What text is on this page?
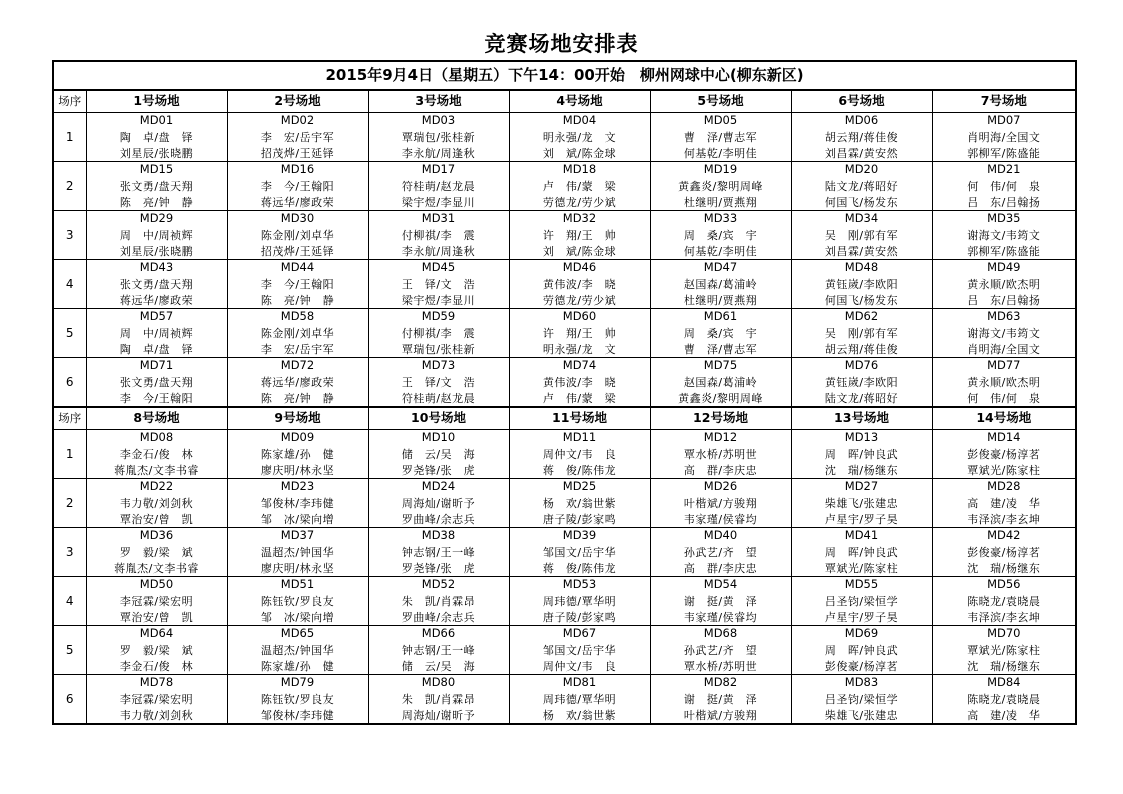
竞赛场地安排表
2015年9月4日（星期五）下午14：00开始　柳州网球中心(柳东新区)							
场序	1号场地	2号场地	3号场地	4号场地	5号场地	6号场地	7号场地
1	MD01	MD02	MD03	MD04	MD05	MD06	MD07
	陶　卓/盘　铎	李　宏/岳宇军	覃瑞包/张桂新	明永强/龙　文	曹　泽/曹志军	胡云翔/蒋佳俊	肖明海/全国文
	刘星辰/张晓鹏	招茂烨/王延铎	李永航/周逢秋	刘　斌/陈金球	何基乾/李明佳	刘昌霖/黄安然	郭柳军/陈盛能
2	MD15	MD16	MD17	MD18	MD19	MD20	MD21
	张文勇/盘天翔	李　今/王翰阳	符桂萌/赵龙晨	卢　伟/蒙　梁	黄鑫炎/黎明周峰	陆文龙/蒋昭好	何　伟/何　泉
	陈　亮/钟　静	蒋远华/廖政荣	梁宇煜/李显川	劳德龙/劳少斌	杜继明/贾燕翔	何国飞/杨发东	吕　东/吕翰扬
3	MD29	MD30	MD31	MD32	MD33	MD34	MD35
	周　中/周祯辉	陈金刚/刘卓华	付柳祺/李　震	许　翔/王　帅	周　桑/宾　宇	吴　刚/郭有军	谢海文/韦筠文
	刘星辰/张晓鹏	招茂烨/王延铎	李永航/周逢秋	刘　斌/陈金球	何基乾/李明佳	刘昌霖/黄安然	郭柳军/陈盛能
4	MD43	MD44	MD45	MD46	MD47	MD48	MD49
	张文勇/盘天翔	李　今/王翰阳	王　铎/文　浩	黄伟波/李　晓	赵国森/葛浦岭	黄钰嵗/李欧阳	黄永顺/欧杰明
	蒋远华/廖政荣	陈　亮/钟　静	梁宇煜/李显川	劳德龙/劳少斌	杜继明/贾燕翔	何国飞/杨发东	吕　东/吕翰扬
5	MD57	MD58	MD59	MD60	MD61	MD62	MD63
	周　中/周祯辉	陈金刚/刘卓华	付柳祺/李　震	许　翔/王　帅	周　桑/宾　宇	吴　刚/郭有军	谢海文/韦筠文
	陶　卓/盘　铎	李　宏/岳宇军	覃瑞包/张桂新	明永强/龙　文	曹　泽/曹志军	胡云翔/蒋佳俊	肖明海/全国文
6	MD71	MD72	MD73	MD74	MD75	MD76	MD77
	张文勇/盘天翔	蒋远华/廖政荣	王　铎/文　浩	黄伟波/李　晓	赵国森/葛浦岭	黄钰嵗/李欧阳	黄永顺/欧杰明
	李　今/王翰阳	陈　亮/钟　静	符桂萌/赵龙晨	卢　伟/蒙　梁	黄鑫炎/黎明周峰	陆文龙/蒋昭好	何　伟/何　泉
场序	8号场地	9号场地	10号场地	11号场地	12号场地	13号场地	14号场地
1	MD08	MD09	MD10	MD11	MD12	MD13	MD14
	李金石/俊　林	陈家雄/孙　健	储　云/吴　海	周仲文/韦　良	覃水桥/苏明世	周　晖/钟良武	彭俊豪/杨淳茗
	蒋胤杰/文李书睿	廖庆明/林永坚	罗尧锋/张　虎	蒋　俊/陈伟龙	高　群/李庆忠	沈　瑞/杨继东	覃斌光/陈家柱
2	MD22	MD23	MD24	MD25	MD26	MD27	MD28
	韦力敬/刘剑秋	邹俊林/李玮健	周海灿/谢昕予	杨　欢/翁世紫	叶楷斌/方骏翔	柴雄飞/张建忠	高　建/凌　华
	覃治安/曾　凯	邹　冰/梁向增	罗曲峰/余志兵	唐子陵/彭家鸣	韦家瑾/侯睿均	卢星宇/罗子昊	韦泽滨/李玄坤
3	MD36	MD37	MD38	MD39	MD40	MD41	MD42
	罗　毅/梁　斌	温超杰/钟国华	钟志钢/王一峰	邹国文/岳宇华	孙武艺/齐　望	周　晖/钟良武	彭俊豪/杨淳茗
	蒋胤杰/文李书睿	廖庆明/林永坚	罗尧锋/张　虎	蒋　俊/陈伟龙	高　群/李庆忠	覃斌光/陈家柱	沈　瑞/杨继东
4	MD50	MD51	MD52	MD53	MD54	MD55	MD56
	李冠霖/梁宏明	陈钰钦/罗良友	朱　凯/肖霖昂	周玮德/覃华明	谢　挺/黄　泽	吕圣钧/梁恒学	陈晓龙/袁晓晨
	覃治安/曾　凯	邹　冰/梁向增	罗曲峰/余志兵	唐子陵/彭家鸣	韦家瑾/侯睿均	卢星宇/罗子昊	韦泽滨/李玄坤
5	MD64	MD65	MD66	MD67	MD68	MD69	MD70
	罗　毅/梁　斌	温超杰/钟国华	钟志钢/王一峰	邹国文/岳宇华	孙武艺/齐　望	周　晖/钟良武	覃斌光/陈家柱
	李金石/俊　林	陈家雄/孙　健	储　云/吴　海	周仲文/韦　良	覃水桥/苏明世	彭俊豪/杨淳茗	沈　瑞/杨继东
6	MD78	MD79	MD80	MD81	MD82	MD83	MD84
	李冠霖/梁宏明	陈钰钦/罗良友	朱　凯/肖霖昂	周玮德/覃华明	谢　挺/黄　泽	吕圣钧/梁恒学	陈晓龙/袁晓晨
	韦力敬/刘剑秋	邹俊林/李玮健	周海灿/谢昕予	杨　欢/翁世紫	叶楷斌/方骏翔	柴雄飞/张建忠	高　建/凌　华
